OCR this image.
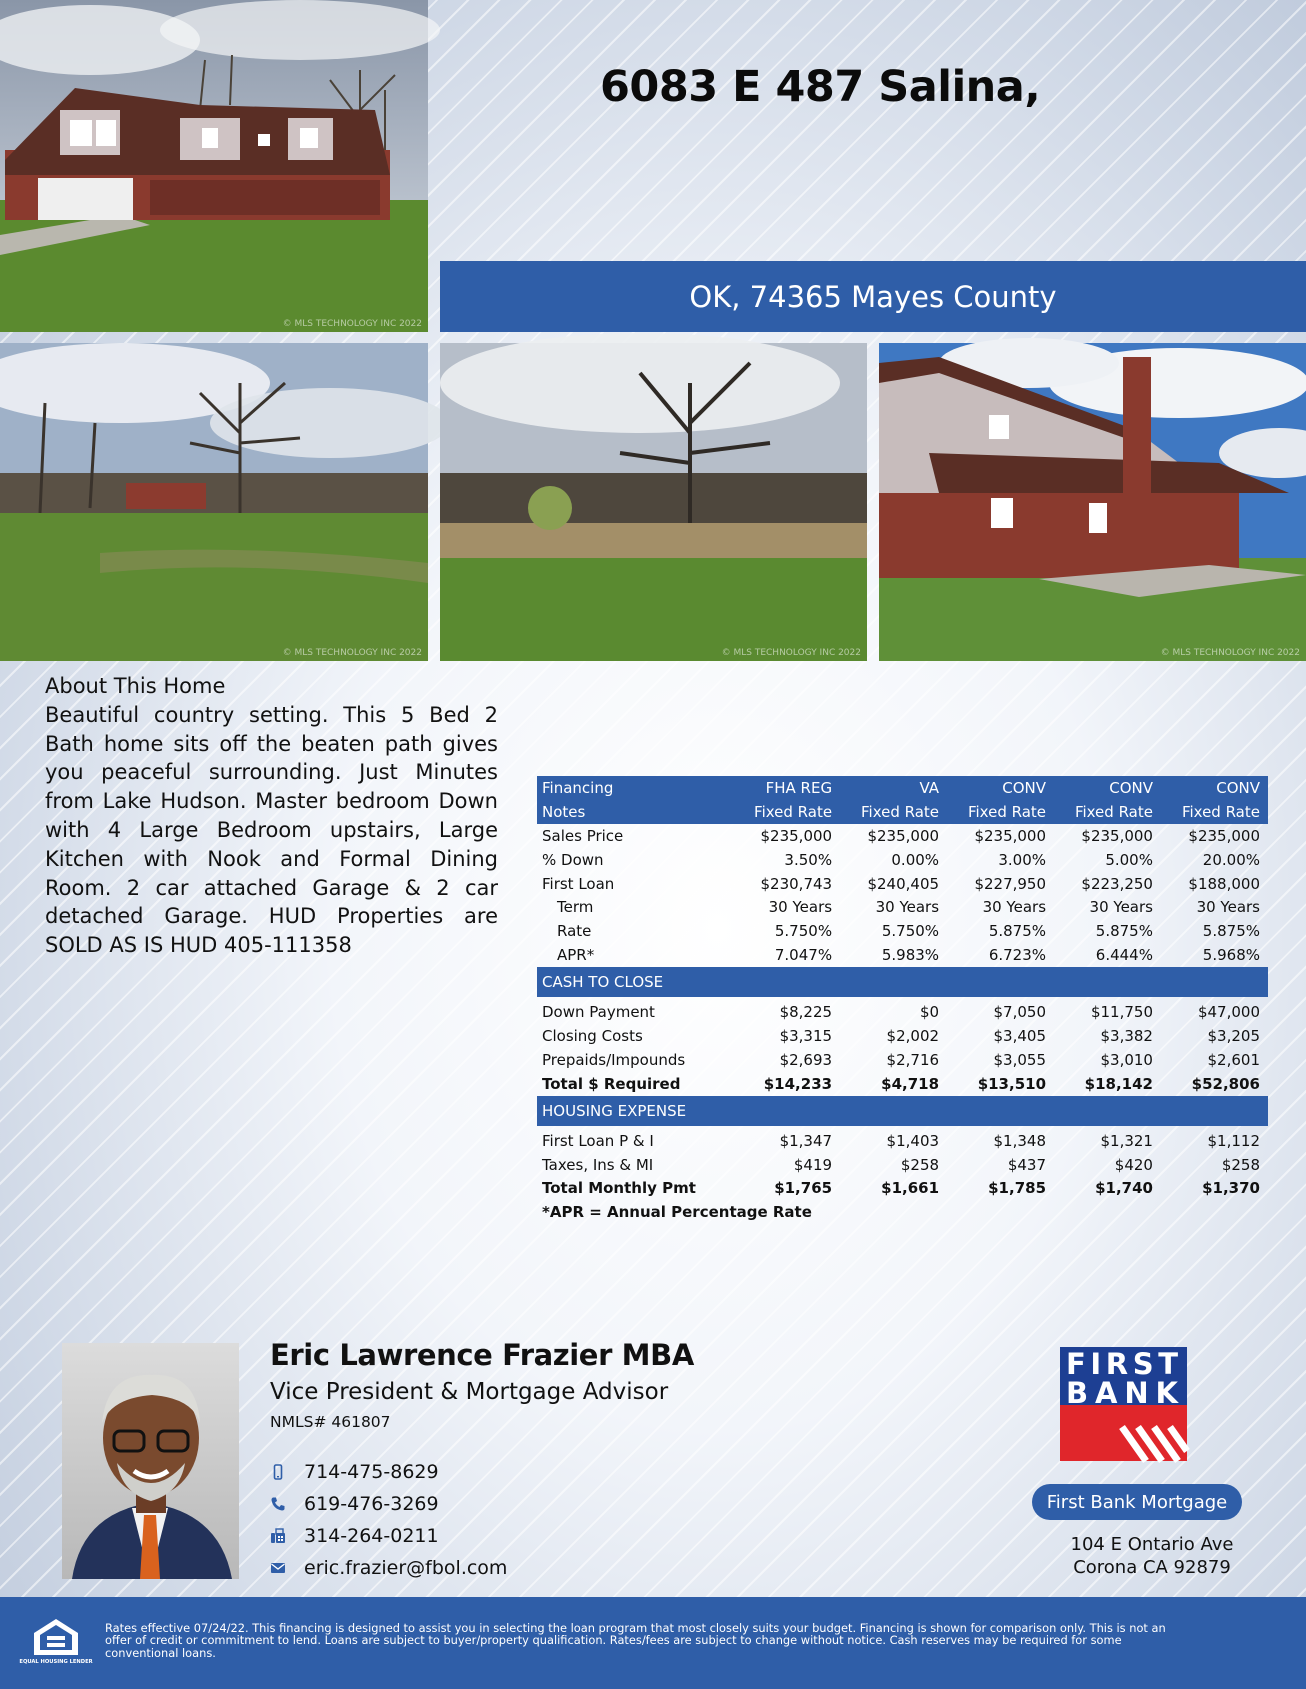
© MLS TECHNOLOGY INC 2022
© MLS TECHNOLOGY INC 2022	© MLS TECHNOLOGY INC 2022	© MLS TECHNOLOGY INC 2022
6083 E 487 Salina,
OK, 74365 Mayes County
About This Home
Beautiful country setting. This 5 Bed 2 Bath home sits off the beaten path gives you peaceful surrounding. Just Minutes from Lake Hudson. Master bedroom Down with 4 Large Bedroom upstairs, Large Kitchen with Nook and Formal Dining Room. 2 car attached Garage & 2 car detached Garage. HUD Properties are SOLD AS IS HUD 405-111358
Financing	FHA REG	VA	CONV	CONV	CONV
Notes	Fixed Rate	Fixed Rate	Fixed Rate	Fixed Rate	Fixed Rate
Sales Price	$235,000	$235,000	$235,000	$235,000	$235,000
% Down	3.50%	0.00%	3.00%	5.00%	20.00%
First Loan	$230,743	$240,405	$227,950	$223,250	$188,000
Term	30 Years	30 Years	30 Years	30 Years	30 Years
Rate	5.750%	5.750%	5.875%	5.875%	5.875%
APR*	7.047%	5.983%	6.723%	6.444%	5.968%
CASH TO CLOSE					

Down Payment	$8,225	$0	$7,050	$11,750	$47,000
Closing Costs	$3,315	$2,002	$3,405	$3,382	$3,205
Prepaids/Impounds	$2,693	$2,716	$3,055	$3,010	$2,601
Total $ Required	$14,233	$4,718	$13,510	$18,142	$52,806
HOUSING EXPENSE					

First Loan P & I	$1,347	$1,403	$1,348	$1,321	$1,112
Taxes, Ins & MI	$419	$258	$437	$420	$258
Total Monthly Pmt	$1,765	$1,661	$1,785	$1,740	$1,370
*APR = Annual Percentage Rate					
Eric Lawrence Frazier MBA
Vice President & Mortgage Advisor
NMLS# 461807
714-475-8629
619-476-3269
314-264-0211
eric.frazier@fbol.com
FIRST
BANK
First Bank Mortgage
104 E Ontario Ave
Corona CA 92879
EQUAL HOUSING LENDER
Rates effective 07/24/22. This financing is designed to assist you in selecting the loan program that most closely suits your budget. Financing is shown for comparison only. This is not an offer of credit or commitment to lend. Loans are subject to buyer/property qualification. Rates/fees are subject to change without notice. Cash reserves may be required for some conventional loans.
